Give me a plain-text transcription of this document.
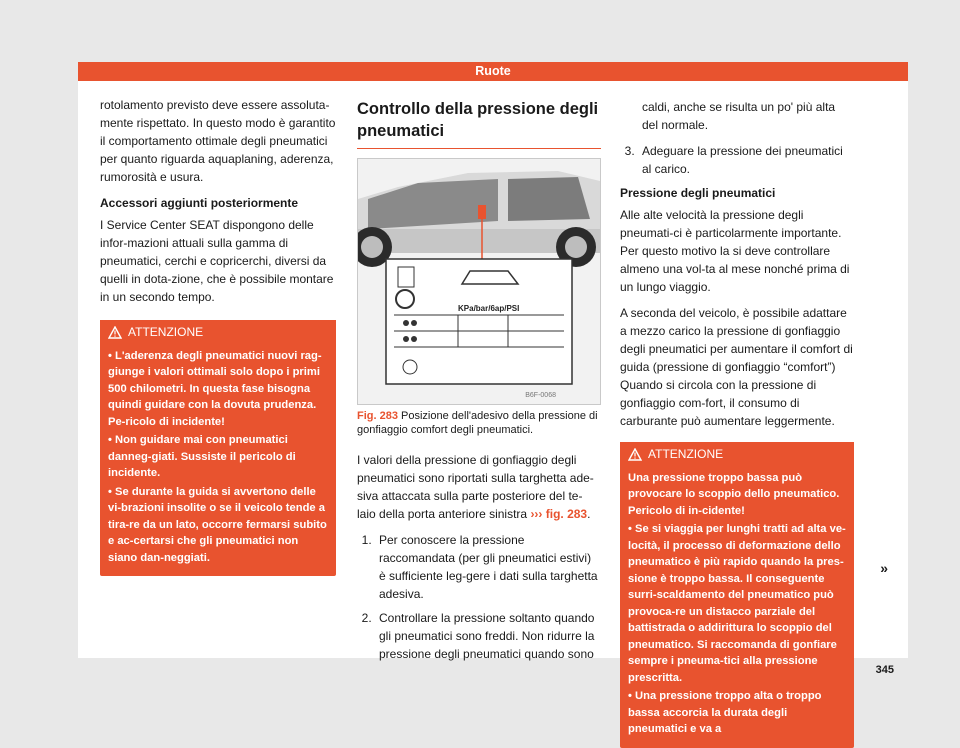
Ruote

rotolamento previsto deve essere assoluta-mente rispettato. In questo modo è garantito il comportamento ottimale degli pneumatici per quanto riguarda aquaplaning, aderenza, rumorosità e usura.

Accessori aggiunti posteriormente

I Service Center SEAT dispongono delle infor-mazioni attuali sulla gamma di pneumatici, cerchi e copricerchi, diversi da quelli in dota-zione, che è possibile montare in un secondo tempo.

ATTENZIONE
• L'aderenza degli pneumatici nuovi rag-giunge i valori ottimali solo dopo i primi 500 chilometri. In questa fase bisogna quindi guidare con la dovuta prudenza. Pe-ricolo di incidente!
• Non guidare mai con pneumatici danneg-giati. Sussiste il pericolo di incidente.
• Se durante la guida si avvertono delle vi-brazioni insolite o se il veicolo tende a tira-re da un lato, occorre fermarsi subito e ac-certarsi che gli pneumatici non siano dan-neggiati.
Controllo della pressione degli pneumatici
KPa/bar/6ap/PSI
B6F-0068
Fig. 283 Posizione dell'adesivo della pressione di gonfiaggio comfort degli pneumatici.

I valori della pressione di gonfiaggio degli pneumatici sono riportati sulla targhetta ade-siva attaccata sulla parte posteriore del te-laio della porta anteriore sinistra ››› fig. 283.

1. Per conoscere la pressione raccomandata (per gli pneumatici estivi) è sufficiente leg-gere i dati sulla targhetta adesiva.
2. Controllare la pressione soltanto quando gli pneumatici sono freddi. Non ridurre la pressione degli pneumatici quando sono

caldi, anche se risulta un po' più alta del normale.

3. Adeguare la pressione dei pneumatici al carico.
Pressione degli pneumatici

Alle alte velocità la pressione degli pneumati-ci è particolarmente importante. Per questo motivo la si deve controllare almeno una vol-ta al mese nonché prima di un lungo viaggio.

A seconda del veicolo, è possibile adattare a mezzo carico la pressione di gonfiaggio degli pneumatici per aumentare il comfort di guida (pressione di gonfiaggio “comfort”) Quando si circola con la pressione di gonfiaggio com-fort, il consumo di carburante può aumentare leggermente.

ATTENZIONE
Una pressione troppo bassa può provocare lo scoppio dello pneumatico. Pericolo di in-cidente!
• Se si viaggia per lunghi tratti ad alta ve-locità, il processo di deformazione dello pneumatico è più rapido quando la pres-sione è troppo bassa. Il conseguente surri-scaldamento del pneumatico può provoca-re un distacco parziale del battistrada o addirittura lo scoppio del pneumatico. Si raccomanda di gonfiare sempre i pneuma-tici alla pressione prescritta.
• Una pressione troppo alta o troppo bassa accorcia la durata degli pneumatici e va a
»
345
